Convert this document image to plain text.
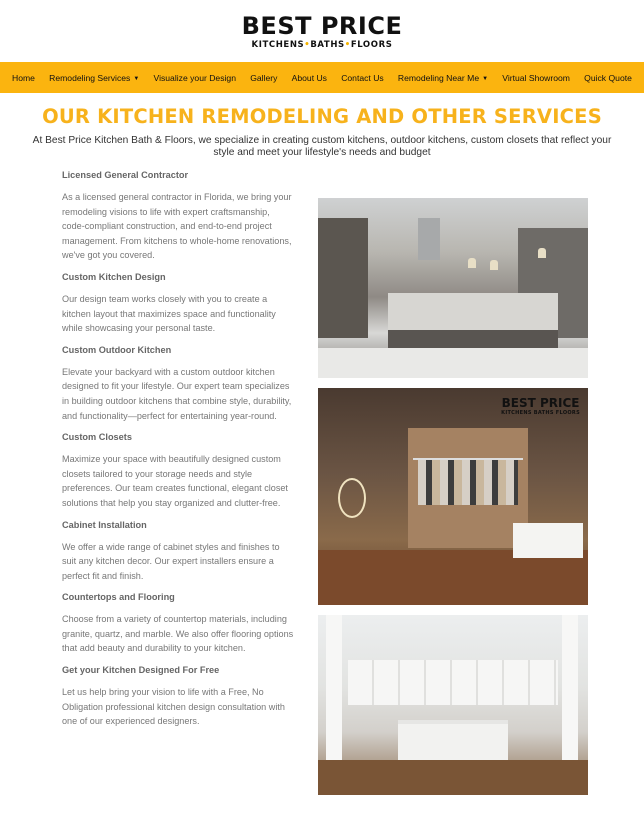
BEST PRICE
KITCHENS•BATHS•FLOORS
Home Remodeling Services ▼ Visualize your Design Gallery About Us Contact Us Remodeling Near Me ▼ Virtual Showroom Quick Quote
OUR KITCHEN REMODELING AND OTHER SERVICES

At Best Price Kitchen Bath & Floors, we specialize in creating custom kitchens, outdoor kitchens, custom closets that reflect your style and meet your lifestyle's needs and budget

Licensed General Contractor

As a licensed general contractor in Florida, we bring your remodeling visions to life with expert craftsmanship, code-compliant construction, and end-to-end project management. From kitchens to whole-home renovations, we've got you covered.

Custom Kitchen Design

Our design team works closely with you to create a kitchen layout that maximizes space and functionality while showcasing your personal taste.

Custom Outdoor Kitchen

Elevate your backyard with a custom outdoor kitchen designed to fit your lifestyle. Our expert team specializes in building outdoor kitchens that combine style, durability, and functionality—perfect for entertaining year-round.

Custom Closets

Maximize your space with beautifully designed custom closets tailored to your storage needs and style preferences. Our team creates functional, elegant closet solutions that help you stay organized and clutter-free.

Cabinet Installation

We offer a wide range of cabinet styles and finishes to suit any kitchen decor. Our expert installers ensure a perfect fit and finish.

Countertops and Flooring

Choose from a variety of countertop materials, including granite, quartz, and marble. We also offer flooring options that add beauty and durability to your kitchen.

Get your Kitchen Designed For Free

Let us help bring your vision to life with a Free, No Obligation professional kitchen design consultation with one of our experienced designers.

BEST PRICE
KITCHENS BATHS FLOORS
